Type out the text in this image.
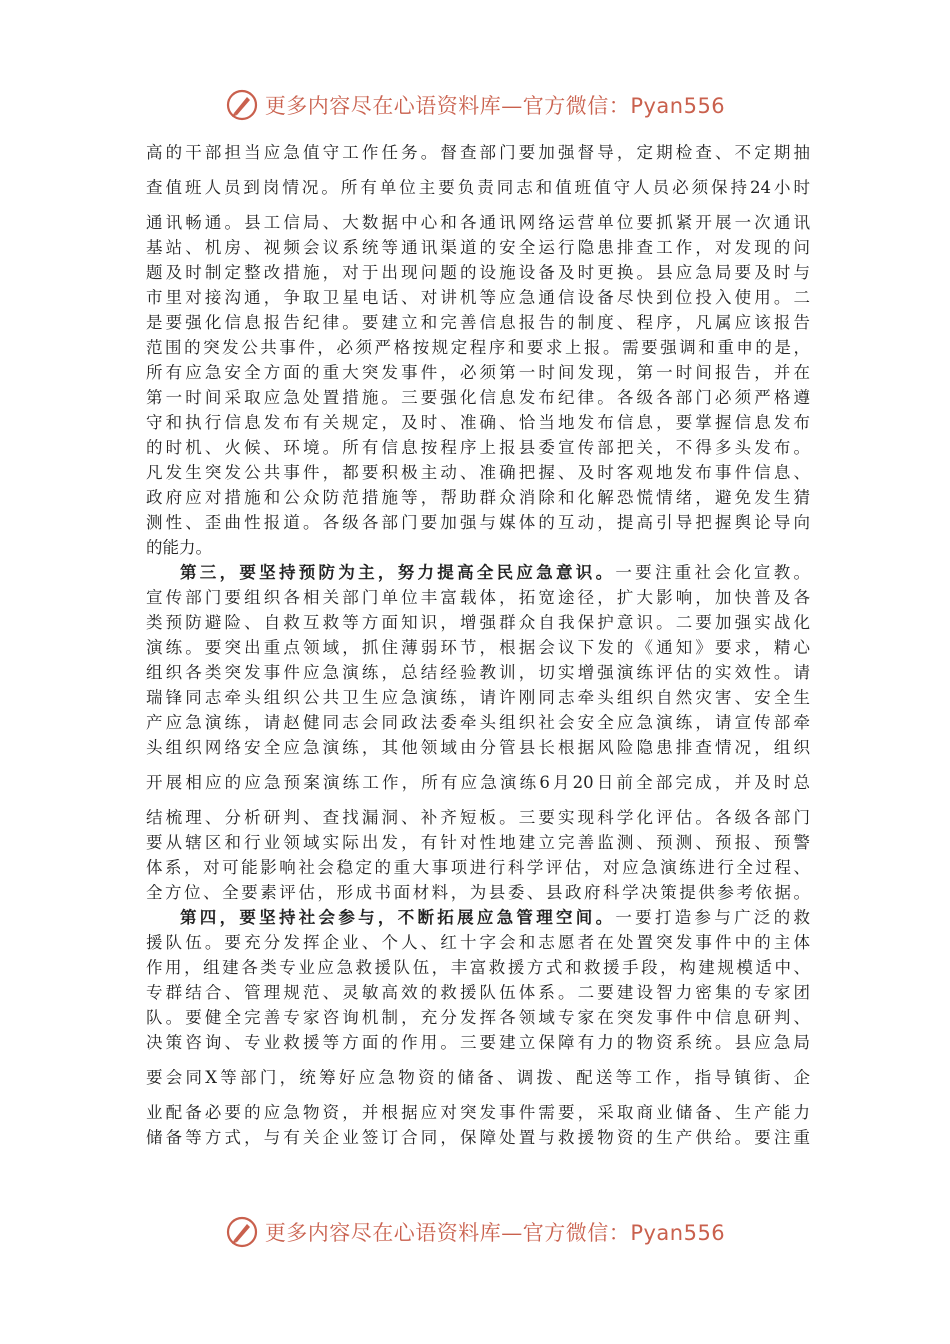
更多内容尽在心语资料库—官方微信：Pyan556
高的干部担当应急值守工作任务。督查部门要加强督导，定期检查、不定期抽
查值班人员到岗情况。所有单位主要负责同志和值班值守人员必须保持24小时
通讯畅通。县工信局、大数据中心和各通讯网络运营单位要抓紧开展一次通讯
基站、机房、视频会议系统等通讯渠道的安全运行隐患排查工作，对发现的问
题及时制定整改措施，对于出现问题的设施设备及时更换。县应急局要及时与
市里对接沟通，争取卫星电话、对讲机等应急通信设备尽快到位投入使用。二
是要强化信息报告纪律。要建立和完善信息报告的制度、程序，凡属应该报告
范围的突发公共事件，必须严格按规定程序和要求上报。需要强调和重申的是，
所有应急安全方面的重大突发事件，必须第一时间发现，第一时间报告，并在
第一时间采取应急处置措施。三要强化信息发布纪律。各级各部门必须严格遵
守和执行信息发布有关规定，及时、准确、恰当地发布信息，要掌握信息发布
的时机、火候、环境。所有信息按程序上报县委宣传部把关，不得多头发布。
凡发生突发公共事件，都要积极主动、准确把握、及时客观地发布事件信息、
政府应对措施和公众防范措施等，帮助群众消除和化解恐慌情绪，避免发生猜
测性、歪曲性报道。各级各部门要加强与媒体的互动，提高引导把握舆论导向
的能力。
第三，要坚持预防为主，努力提高全民应急意识。一要注重社会化宣教。
宣传部门要组织各相关部门单位丰富载体，拓宽途径，扩大影响，加快普及各
类预防避险、自救互救等方面知识，增强群众自我保护意识。二要加强实战化
演练。要突出重点领域，抓住薄弱环节，根据会议下发的《通知》要求，精心
组织各类突发事件应急演练，总结经验教训，切实增强演练评估的实效性。请
瑞锋同志牵头组织公共卫生应急演练，请许刚同志牵头组织自然灾害、安全生
产应急演练，请赵健同志会同政法委牵头组织社会安全应急演练，请宣传部牵
头组织网络安全应急演练，其他领域由分管县长根据风险隐患排查情况，组织
开展相应的应急预案演练工作，所有应急演练6月20日前全部完成，并及时总
结梳理、分析研判、查找漏洞、补齐短板。三要实现科学化评估。各级各部门
要从辖区和行业领域实际出发，有针对性地建立完善监测、预测、预报、预警
体系，对可能影响社会稳定的重大事项进行科学评估，对应急演练进行全过程、
全方位、全要素评估，形成书面材料，为县委、县政府科学决策提供参考依据。
第四，要坚持社会参与，不断拓展应急管理空间。一要打造参与广泛的救
援队伍。要充分发挥企业、个人、红十字会和志愿者在处置突发事件中的主体
作用，组建各类专业应急救援队伍，丰富救援方式和救援手段，构建规模适中、
专群结合、管理规范、灵敏高效的救援队伍体系。二要建设智力密集的专家团
队。要健全完善专家咨询机制，充分发挥各领域专家在突发事件中信息研判、
决策咨询、专业救援等方面的作用。三要建立保障有力的物资系统。县应急局
要会同X等部门，统筹好应急物资的储备、调拨、配送等工作，指导镇街、企
业配备必要的应急物资，并根据应对突发事件需要，采取商业储备、生产能力
储备等方式，与有关企业签订合同，保障处置与救援物资的生产供给。要注重
更多内容尽在心语资料库—官方微信：Pyan556
